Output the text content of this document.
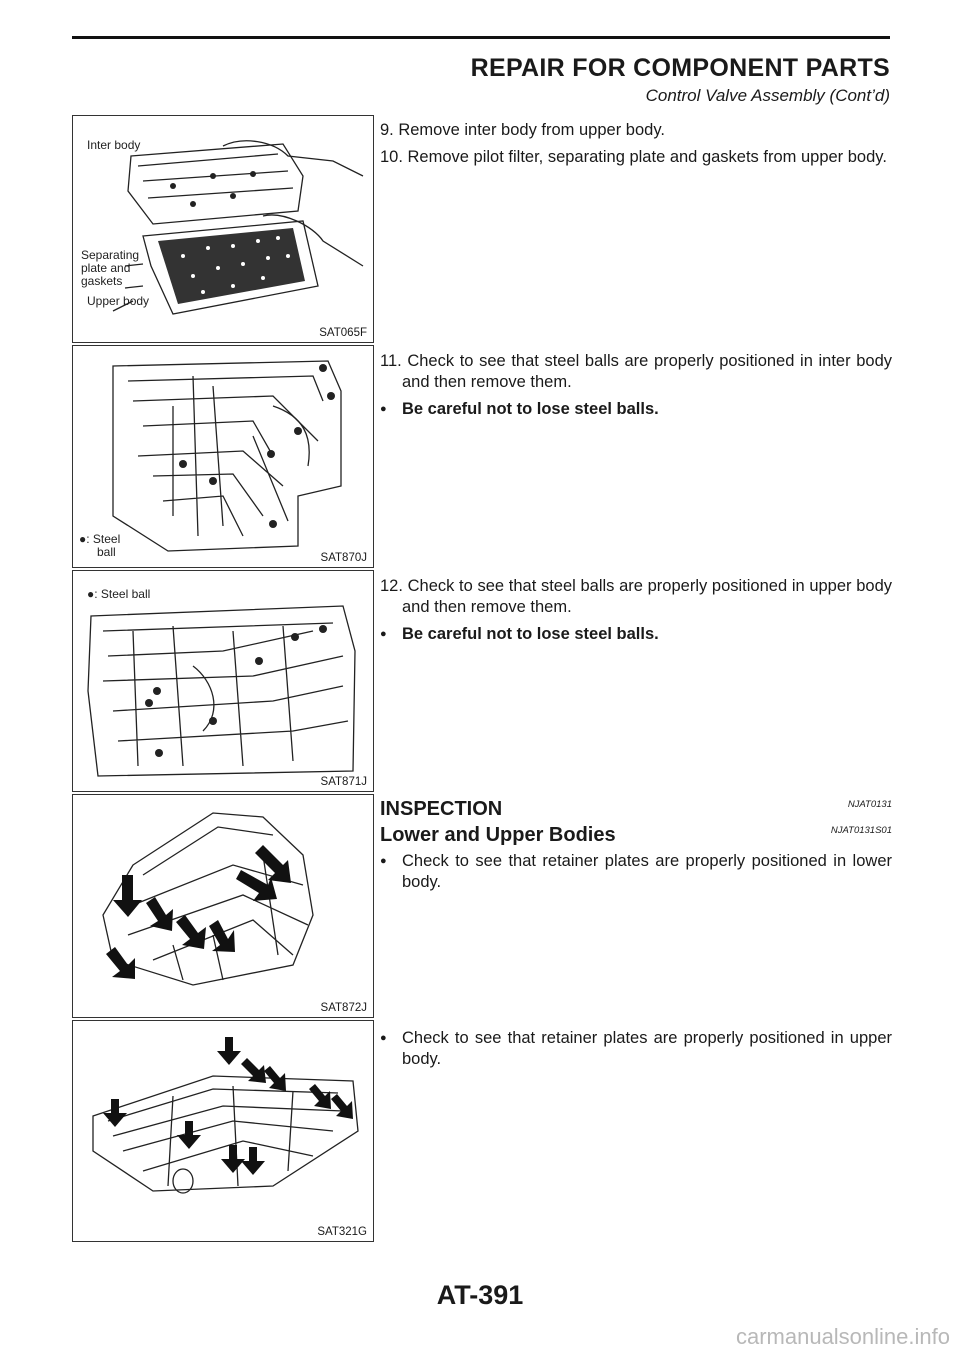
REPAIR FOR COMPONENT PARTS
Control Valve Assembly (Cont’d)
Inter body
Separating
plate and
gaskets
Upper body
SAT065F
●: Steel
ball	SAT870J
●: Steel ball
SAT871J
SAT872J
SAT321G

9. Remove inter body from upper body.

10. Remove pilot filter, separating plate and gaskets from upper body.

11. Check to see that steel balls are properly positioned in inter body and then remove them.

● Be careful not to lose steel balls.

12. Check to see that steel balls are properly positioned in upper body and then remove them.

● Be careful not to lose steel balls.
INSPECTION	NJAT0131
Lower and Upper Bodies	NJAT0131S01
● Check to see that retainer plates are properly positioned in lower body.
● Check to see that retainer plates are properly positioned in upper body.
AT-391
carmanualsonline.info
